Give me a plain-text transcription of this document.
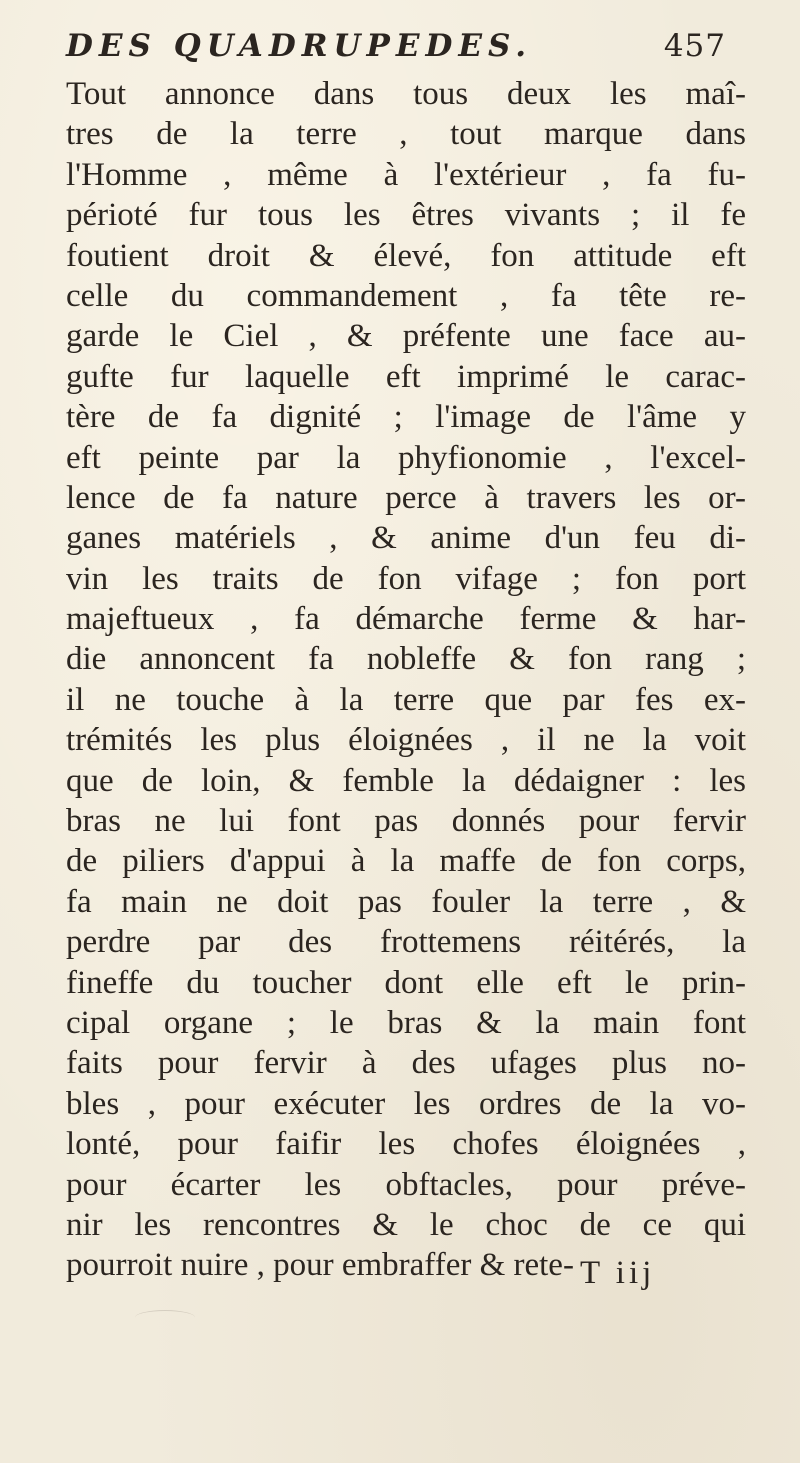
DES QUADRUPEDES.	457
Tout annonce dans tous deux les maî-
tres de la terre , tout marque dans
l'Homme , même à l'extérieur , fa fu-
périoté fur tous les êtres vivants ; il fe
foutient droit & élevé, fon attitude eft
celle du commandement , fa tête re-
garde le Ciel , & préfente une face au-
gufte fur laquelle eft imprimé le carac-
tère de fa dignité ; l'image de l'âme y
eft peinte par la phyfionomie , l'excel-
lence de fa nature perce à travers les or-
ganes matériels , & anime d'un feu di-
vin les traits de fon vifage ; fon port
majeftueux , fa démarche ferme & har-
die annoncent fa nobleffe & fon rang ;
il ne touche à la terre que par fes ex-
trémités les plus éloignées , il ne la voit
que de loin, & femble la dédaigner : les
bras ne lui font pas donnés pour fervir
de piliers d'appui à la maffe de fon corps,
fa main ne doit pas fouler la terre , &
perdre par des frottemens réitérés, la
fineffe du toucher dont elle eft le prin-
cipal organe ; le bras & la main font
faits pour fervir à des ufages plus no-
bles , pour exécuter les ordres de la vo-
lonté, pour faifir les chofes éloignées ,
pour écarter les obftacles, pour préve-
nir les rencontres & le choc de ce qui
pourroit nuire , pour embraffer & rete- T iij
